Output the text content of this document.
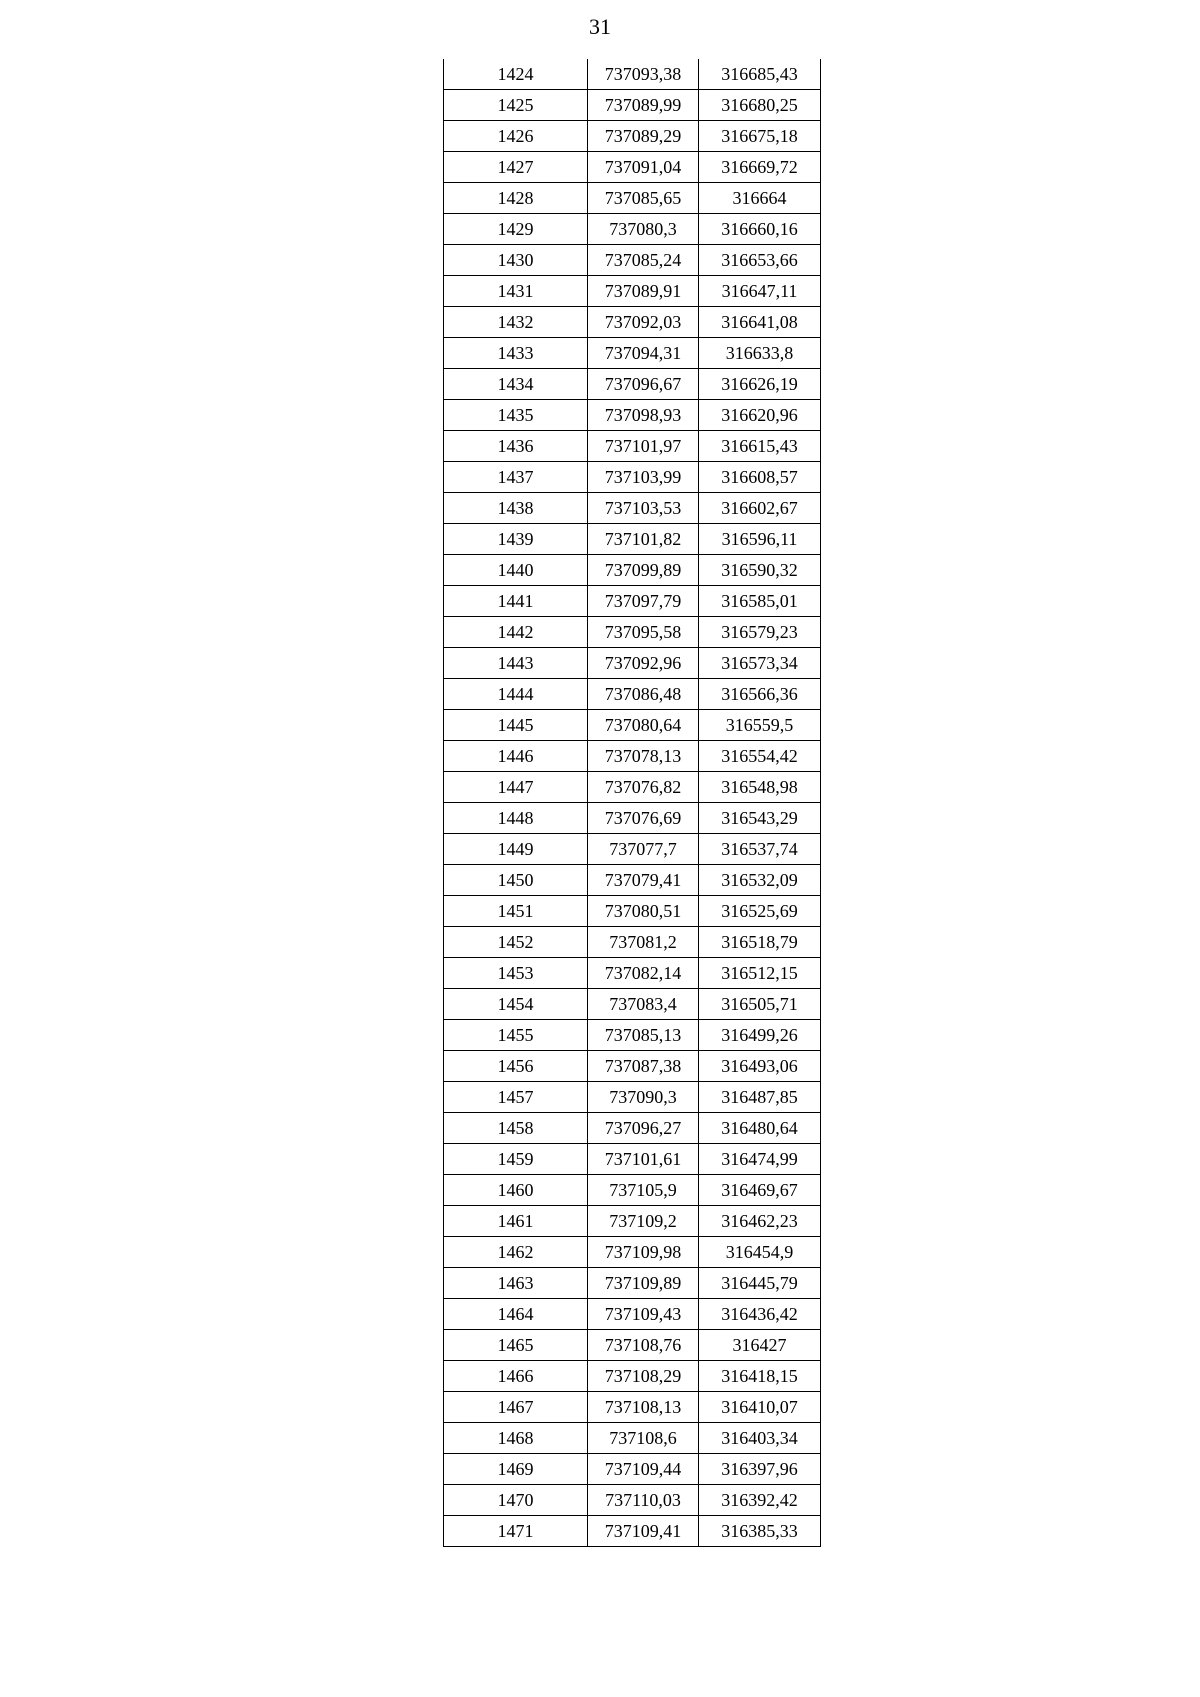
31
1424	737093,38	316685,43
1425	737089,99	316680,25
1426	737089,29	316675,18
1427	737091,04	316669,72
1428	737085,65	316664
1429	737080,3	316660,16
1430	737085,24	316653,66
1431	737089,91	316647,11
1432	737092,03	316641,08
1433	737094,31	316633,8
1434	737096,67	316626,19
1435	737098,93	316620,96
1436	737101,97	316615,43
1437	737103,99	316608,57
1438	737103,53	316602,67
1439	737101,82	316596,11
1440	737099,89	316590,32
1441	737097,79	316585,01
1442	737095,58	316579,23
1443	737092,96	316573,34
1444	737086,48	316566,36
1445	737080,64	316559,5
1446	737078,13	316554,42
1447	737076,82	316548,98
1448	737076,69	316543,29
1449	737077,7	316537,74
1450	737079,41	316532,09
1451	737080,51	316525,69
1452	737081,2	316518,79
1453	737082,14	316512,15
1454	737083,4	316505,71
1455	737085,13	316499,26
1456	737087,38	316493,06
1457	737090,3	316487,85
1458	737096,27	316480,64
1459	737101,61	316474,99
1460	737105,9	316469,67
1461	737109,2	316462,23
1462	737109,98	316454,9
1463	737109,89	316445,79
1464	737109,43	316436,42
1465	737108,76	316427
1466	737108,29	316418,15
1467	737108,13	316410,07
1468	737108,6	316403,34
1469	737109,44	316397,96
1470	737110,03	316392,42
1471	737109,41	316385,33
